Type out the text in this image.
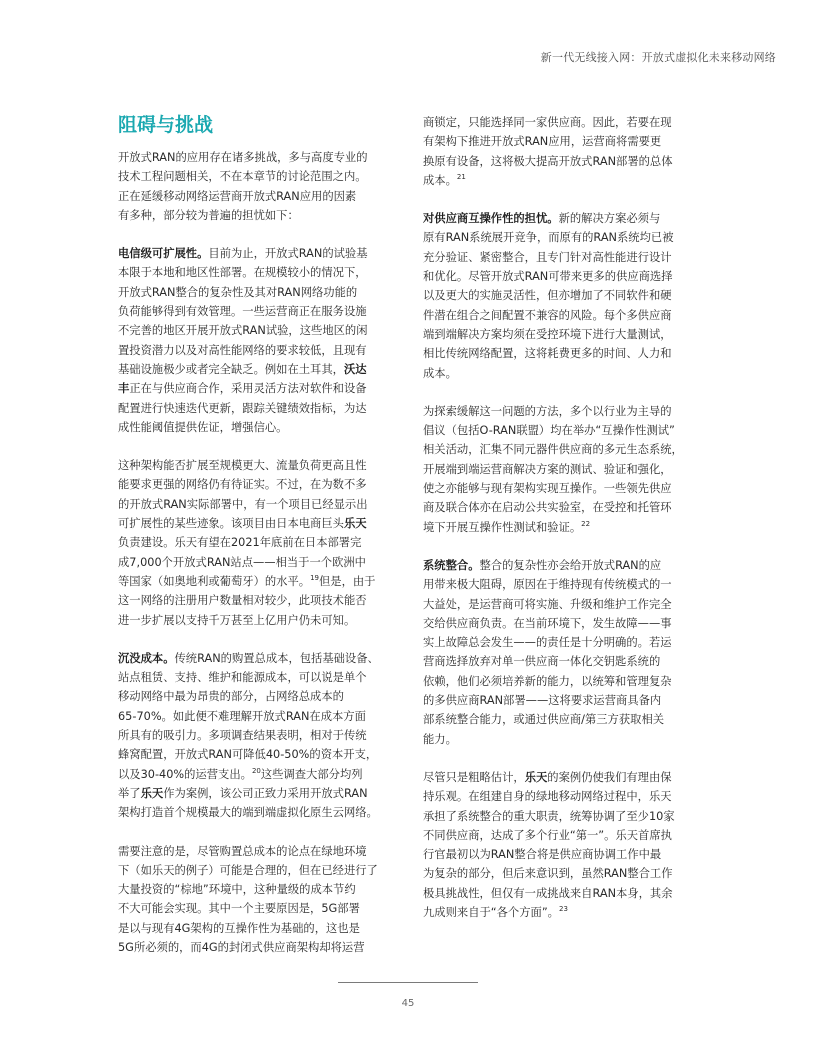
新一代无线接入网：开放式虚拟化未来移动网络
阻碍与挑战

开放式RAN的应用存在诸多挑战，多与高度专业的
技术工程问题相关，不在本章节的讨论范围之内。
正在延缓移动网络运营商开放式RAN应用的因素
有多种，部分较为普遍的担忧如下：

电信级可扩展性。目前为止，开放式RAN的试验基
本限于本地和地区性部署。在规模较小的情况下，
开放式RAN整合的复杂性及其对RAN网络功能的
负荷能够得到有效管理。一些运营商正在服务设施
不完善的地区开展开放式RAN试验，这些地区的闲
置投资潜力以及对高性能网络的要求较低，且现有
基础设施极少或者完全缺乏。例如在土耳其，沃达
丰正在与供应商合作，采用灵活方法对软件和设备
配置进行快速迭代更新，跟踪关键绩效指标，为达
成性能阈值提供佐证，增强信心。

这种架构能否扩展至规模更大、流量负荷更高且性
能要求更强的网络仍有待证实。不过，在为数不多
的开放式RAN实际部署中，有一个项目已经显示出
可扩展性的某些迹象。该项目由日本电商巨头乐天
负责建设。乐天有望在2021年底前在日本部署完
成7,000个开放式RAN站点——相当于一个欧洲中
等国家（如奥地利或葡萄牙）的水平。$^{19}$但是，由于
这一网络的注册用户数量相对较少，此项技术能否
进一步扩展以支持千万甚至上亿用户仍未可知。

沉没成本。传统RAN的购置总成本，包括基础设备、
站点租赁、支持、维护和能源成本，可以说是单个
移动网络中最为昂贵的部分，占网络总成本的
65-70%。如此便不难理解开放式RAN在成本方面
所具有的吸引力。多项调查结果表明，相对于传统
蜂窝配置，开放式RAN可降低40-50%的资本开支，
以及30-40%的运营支出。$^{20}$这些调查大部分均列
举了乐天作为案例，该公司正致力采用开放式RAN
架构打造首个规模最大的端到端虚拟化原生云网络。

需要注意的是，尽管购置总成本的论点在绿地环境
下（如乐天的例子）可能是合理的，但在已经进行了
大量投资的“棕地”环境中，这种量级的成本节约
不大可能会实现。其中一个主要原因是，5G部署
是以与现有4G架构的互操作性为基础的，这也是
5G所必须的，而4G的封闭式供应商架构却将运营

商锁定，只能选择同一家供应商。因此，若要在现
有架构下推进开放式RAN应用，运营商将需要更
换原有设备，这将极大提高开放式RAN部署的总体
成本。$^{21}$

对供应商互操作性的担忧。新的解决方案必须与
原有RAN系统展开竞争，而原有的RAN系统均已被
充分验证、紧密整合，且专门针对高性能进行设计
和优化。尽管开放式RAN可带来更多的供应商选择
以及更大的实施灵活性，但亦增加了不同软件和硬
件潜在组合之间配置不兼容的风险。每个多供应商
端到端解决方案均须在受控环境下进行大量测试，
相比传统网络配置，这将耗费更多的时间、人力和
成本。

为探索缓解这一问题的方法，多个以行业为主导的
倡议（包括O-RAN联盟）均在举办“互操作性测试”
相关活动，汇集不同元器件供应商的多元生态系统，
开展端到端运营商解决方案的测试、验证和强化，
使之亦能够与现有架构实现互操作。一些领先供应
商及联合体亦在启动公共实验室，在受控和托管环
境下开展互操作性测试和验证。$^{22}$

系统整合。整合的复杂性亦会给开放式RAN的应
用带来极大阻碍，原因在于维持现有传统模式的一
大益处，是运营商可将实施、升级和维护工作完全
交给供应商负责。在当前环境下，发生故障——事
实上故障总会发生——的责任是十分明确的。若运
营商选择放弃对单一供应商一体化交钥匙系统的
依赖，他们必须培养新的能力，以统筹和管理复杂
的多供应商RAN部署——这将要求运营商具备内
部系统整合能力，或通过供应商/第三方获取相关
能力。

尽管只是粗略估计，乐天的案例仍使我们有理由保
持乐观。在组建自身的绿地移动网络过程中，乐天
承担了系统整合的重大职责，统筹协调了至少10家
不同供应商，达成了多个行业“第一”。乐天首席执
行官最初以为RAN整合将是供应商协调工作中最
为复杂的部分，但后来意识到，虽然RAN整合工作
极具挑战性，但仅有一成挑战来自RAN本身，其余
九成则来自于“各个方面”。$^{23}$

45
